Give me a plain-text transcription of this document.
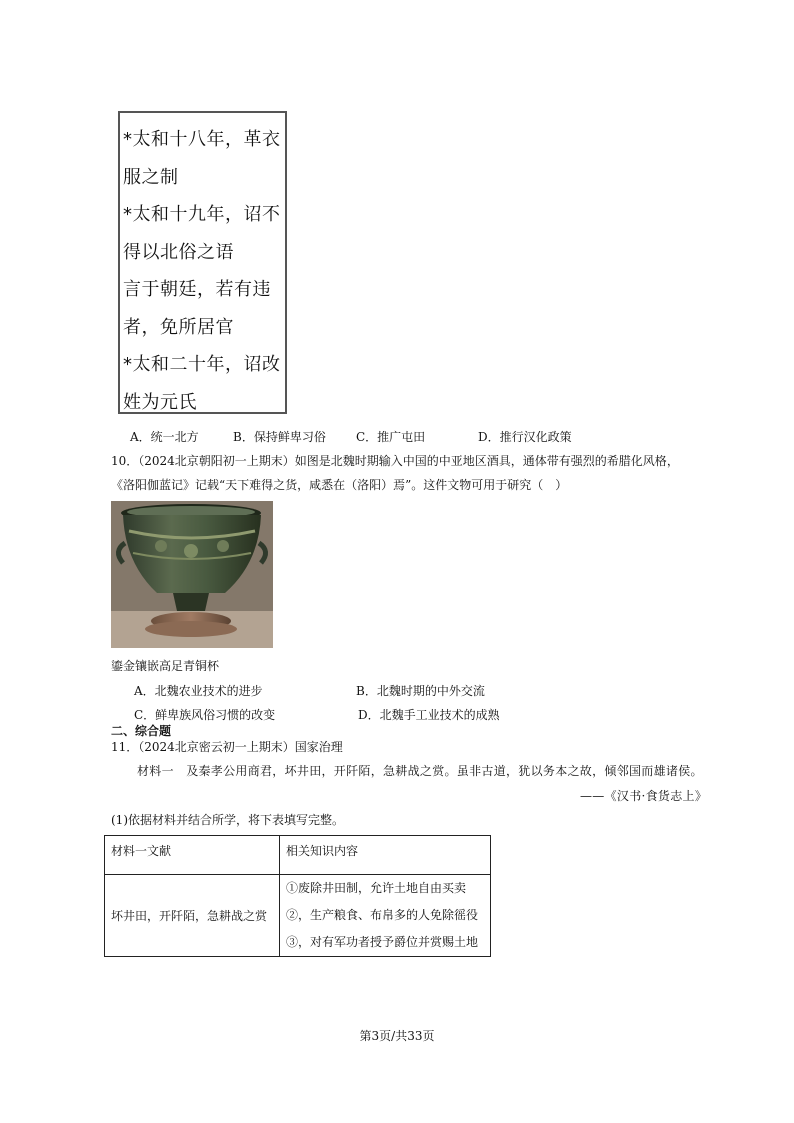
*太和十八年，革衣
服之制
*太和十九年，诏不
得以北俗之语
言于朝廷，若有违
者，免所居官
*太和二十年，诏改
姓为元氏
A．统一北方	B．保持鲜卑习俗	C．推广屯田	D．推行汉化政策
10．（2024北京朝阳初一上期末）如图是北魏时期输入中国的中亚地区酒具，通体带有强烈的希腊化风格，
《洛阳伽蓝记》记载“天下难得之货，咸悉在（洛阳）焉”。这件文物可用于研究（　）
鎏金镶嵌高足青铜杯
A．北魏农业技术的进步	B．北魏时期的中外交流
C．鲜卑族风俗习惯的改变	D．北魏手工业技术的成熟
二、综合题
11．（2024北京密云初一上期末）国家治理
材料一　及秦孝公用商君，坏井田，开阡陌，急耕战之赏。虽非古道，犹以务本之故，倾邻国而雄诸侯。
——《汉书·食货志上》
(1)依据材料并结合所学，将下表填写完整。
材料一文献	相关知识内容
坏井田，开阡陌，急耕战之赏	①废除井田制，允许土地自由买卖
②，生产粮食、布帛多的人免除徭役
③，对有军功者授予爵位并赏赐土地
第3页/共33页
